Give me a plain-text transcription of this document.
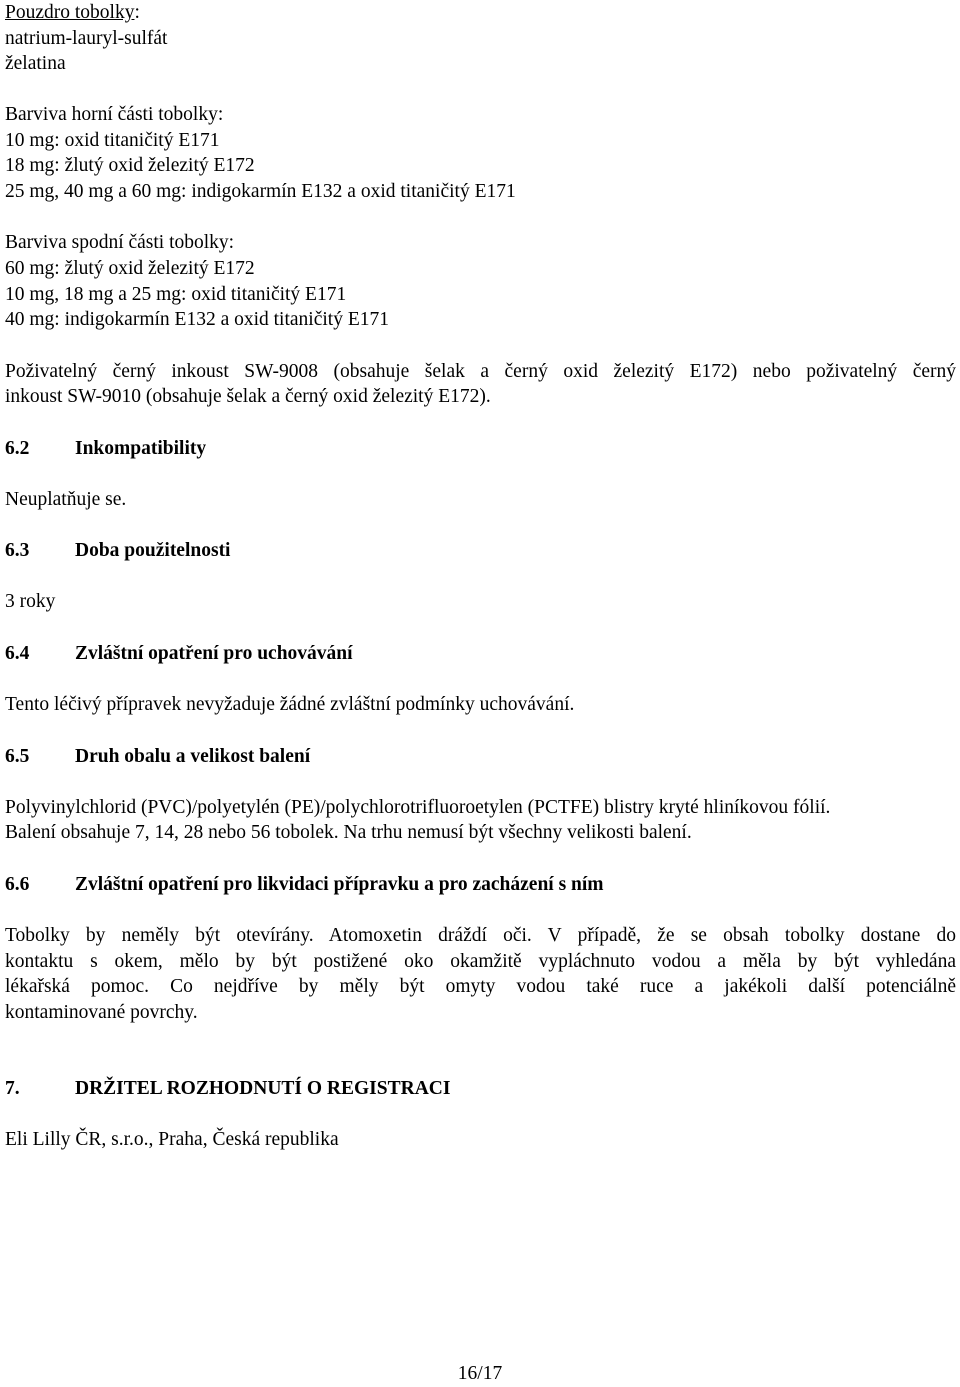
Pouzdro tobolky:
natrium-lauryl-sulfát
želatina
Barviva horní části tobolky:
10 mg: oxid titaničitý E171
18 mg: žlutý oxid železitý E172
25 mg, 40 mg a 60 mg: indigokarmín E132 a oxid titaničitý E171
Barviva spodní části tobolky:
60 mg: žlutý oxid železitý E172
10 mg, 18 mg a 25 mg: oxid titaničitý E171
40 mg: indigokarmín E132 a oxid titaničitý E171
Poživatelný černý inkoust SW-9008 (obsahuje šelak a černý oxid železitý E172) nebo poživatelný černý
inkoust SW-9010 (obsahuje šelak a černý oxid železitý E172).
6.2 Inkompatibility
Neuplatňuje se.
6.3 Doba použitelnosti
3 roky
6.4 Zvláštní opatření pro uchovávání
Tento léčivý přípravek nevyžaduje žádné zvláštní podmínky uchovávání.
6.5 Druh obalu a velikost balení
Polyvinylchlorid (PVC)/polyetylén (PE)/polychlorotrifluoroetylen (PCTFE) blistry kryté hliníkovou fólií.
Balení obsahuje 7, 14, 28 nebo 56 tobolek. Na trhu nemusí být všechny velikosti balení.
6.6 Zvláštní opatření pro likvidaci přípravku a pro zacházení s ním
Tobolky by neměly být otevírány. Atomoxetin dráždí oči. V případě, že se obsah tobolky dostane do
kontaktu s okem, mělo by být postižené oko okamžitě vypláchnuto vodou a měla by být vyhledána
lékařská pomoc. Co nejdříve by měly být omyty vodou také ruce a jakékoli další potenciálně
kontaminované povrchy.
7.	DRŽITEL ROZHODNUTÍ O REGISTRACI
Eli Lilly ČR, s.r.o., Praha, Česká republika
16/17
